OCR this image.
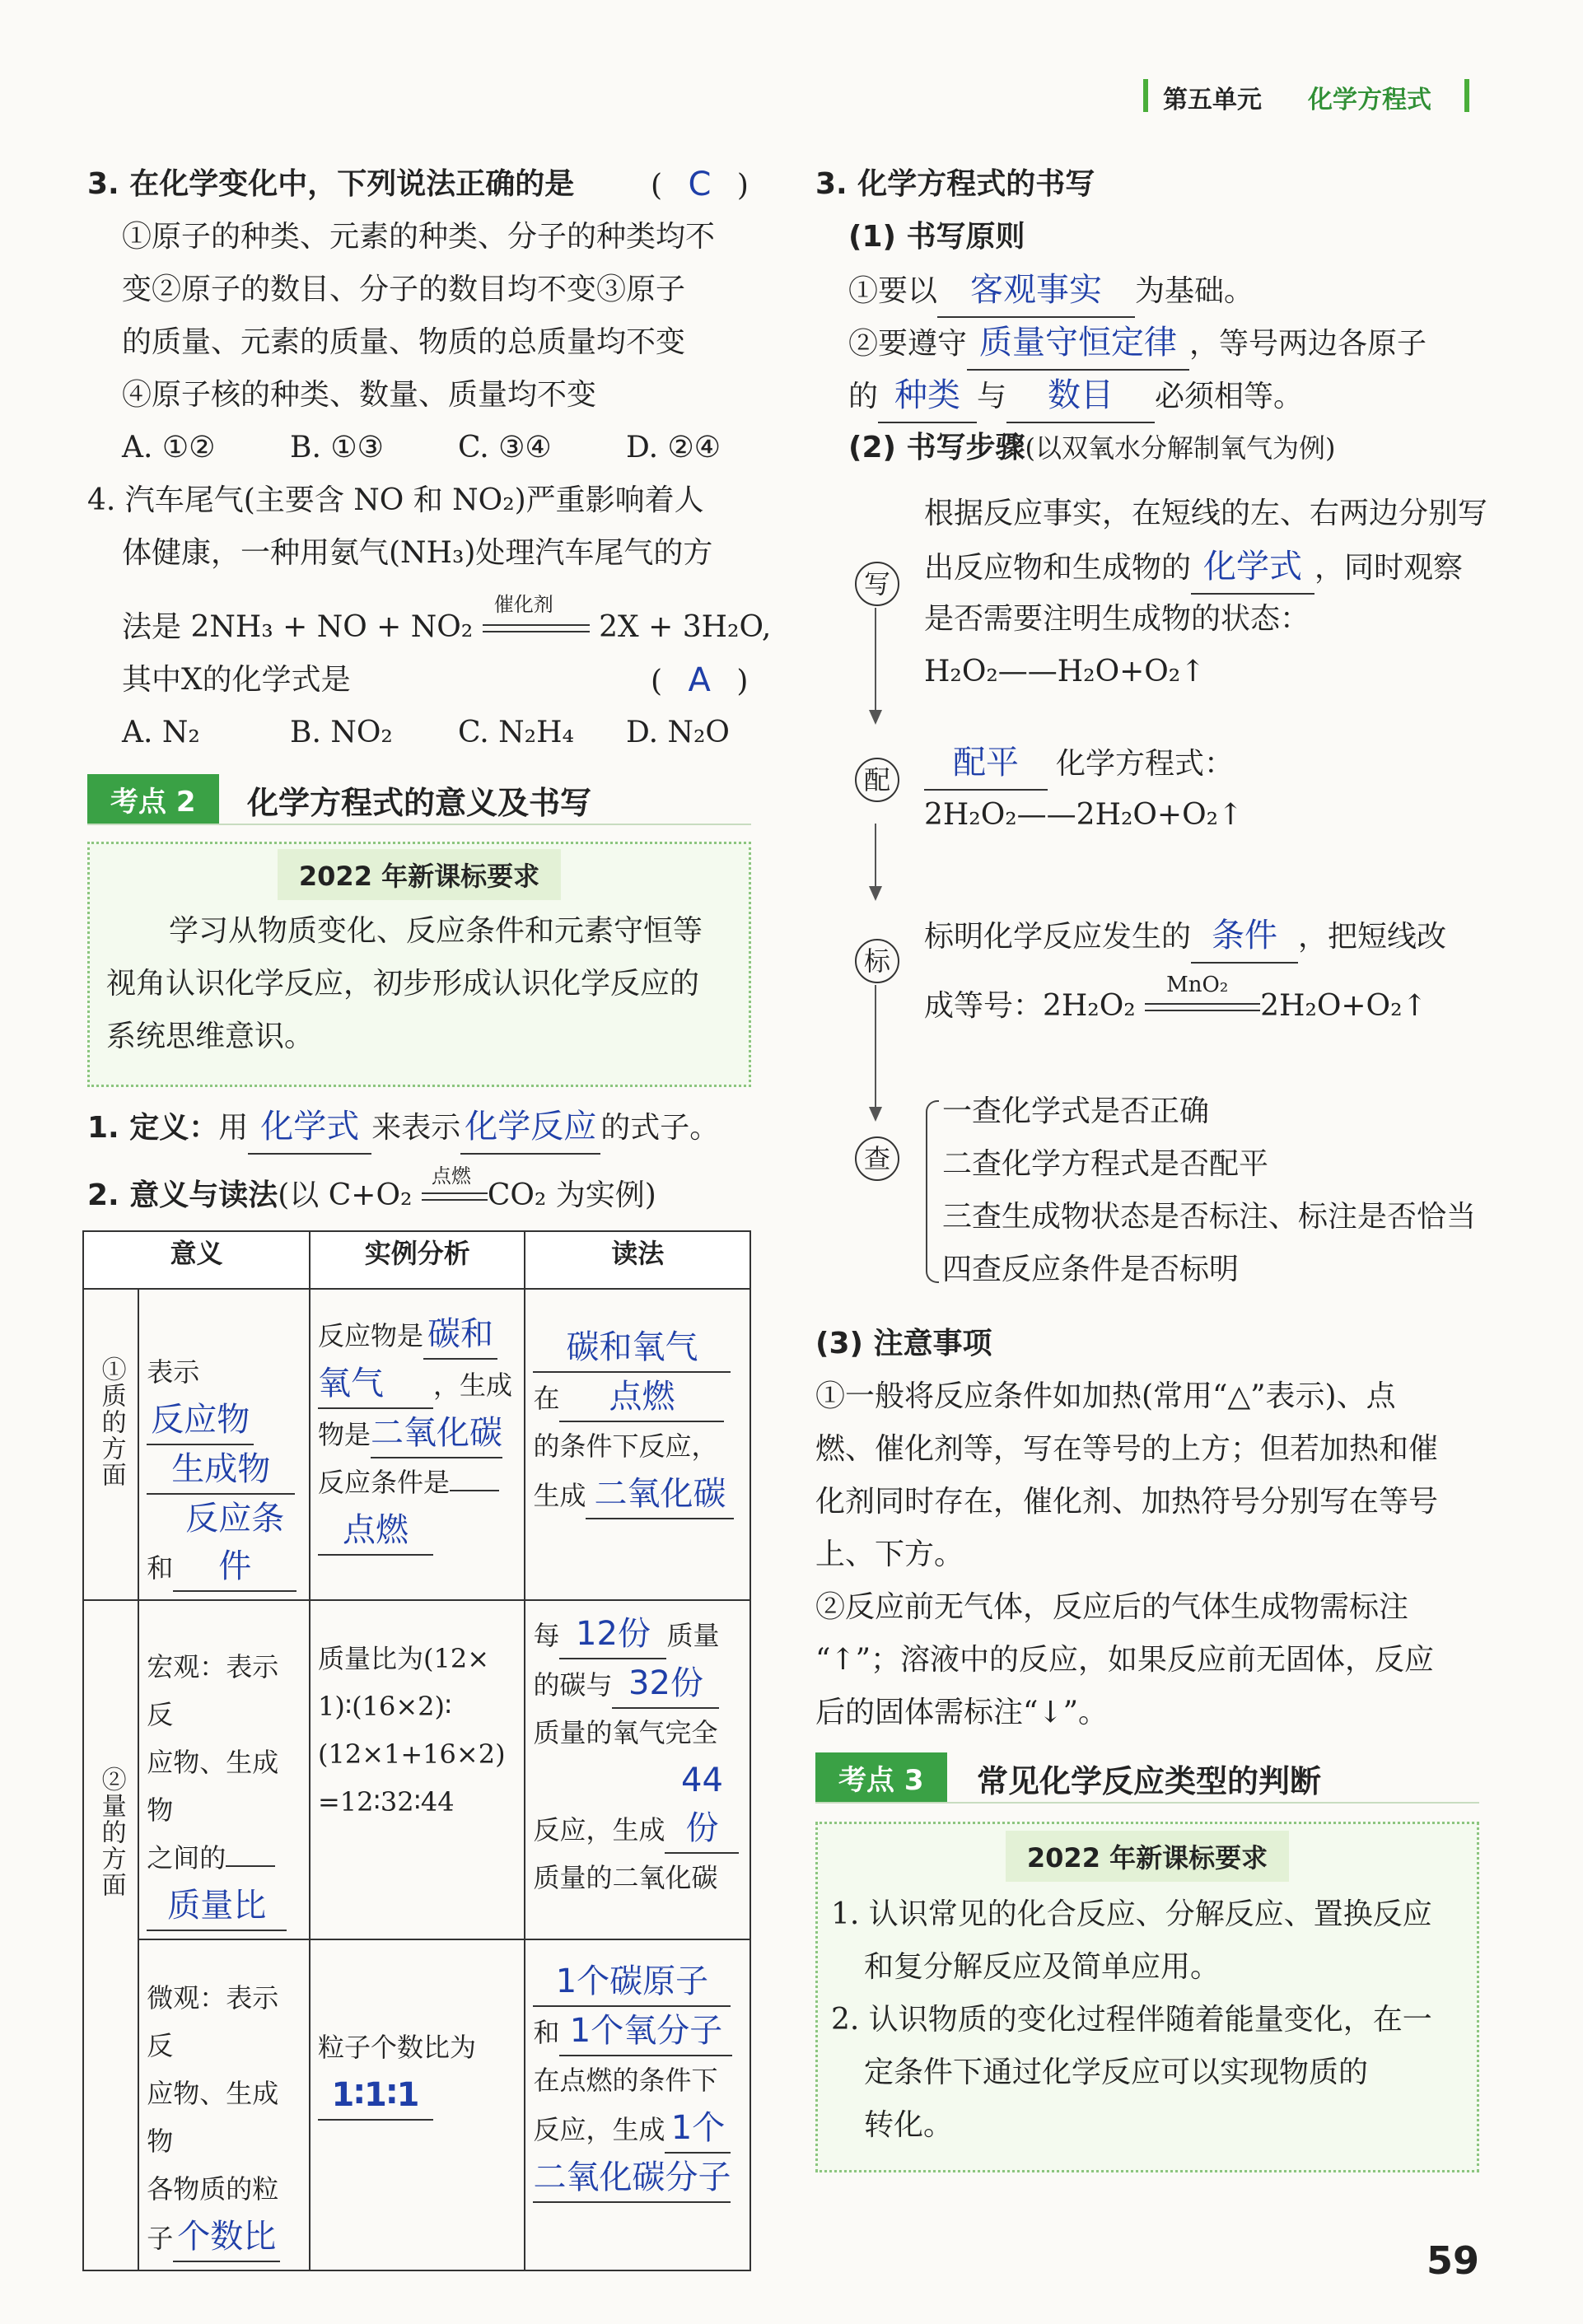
第五单元 化学方程式
3. 在化学变化中，下列说法正确的是	( C )
①原子的种类、元素的种类、分子的种类均不
变②原子的数目、分子的数目均不变③原子
的质量、元素的质量、物质的总质量均不变
④原子核的种类、数量、质量均不变
A. ①②	B. ①③	C. ③④	D. ②④
4. 汽车尾气(主要含 NO 和 NO₂)严重影响着人
体健康，一种用氨气(NH₃)处理汽车尾气的方
法是 2NH₃ + NO + NO₂
催化剂
2X + 3H₂O,
其中X的化学式是	( A )
A. N₂	B. NO₂ C. N₂H₄ D. N₂O
考点 2	化学方程式的意义及书写
2022 年新课标要求
学习从物质变化、反应条件和元素守恒等
视角认识化学反应，初步形成认识化学反应的
系统思维意识。
1. 定义：用 化学式 来表示 化学反应 的式子。
2. 意义与读法(以 C+O₂
点燃
CO₂ 为实例)
意义		实例分析	读法

①质的方面	表示反应物
生成物
和反应条件	反应物是 碳和
氧气 ，生成
物是二氧化碳
反应条件是
点燃	碳和氧气
在 点燃
的条件下反应，
生成 二氧化碳

②量的方面	宏观：表示反
应物、生成物
之间的
质量比	质量比为(12×
1)∶(16×2)∶
(12×1+16×2)
=12∶32∶44	每 12份 质量
的碳与 32份
质量的氧气完全
反应，生成44份
质量的二氧化碳

	微观：表示反
应物、生成物
各物质的粒
子 个数比	粒子个数比为
1∶1∶1	1个碳原子
和 1个氧分子
在点燃的条件下
反应，生成 1个
二氧化碳分子
3. 化学方程式的书写
(1) 书写原则
①要以 客观事实 为基础。
②要遵守 质量守恒定律 ，等号两边各原子
的 种类 与 数目 必须相等。
(2) 书写步骤(以双氧水分解制氧气为例)
写
配
标
查
根据反应事实，在短线的左、右两边分别写
出反应物和生成物的 化学式 ，同时观察
是否需要注明生成物的状态：
H₂O₂——H₂O+O₂↑
配平 化学方程式：
2H₂O₂——2H₂O+O₂↑
标明化学反应发生的 条件 ，把短线改
成等号：2H₂O₂
MnO₂
2H₂O+O₂↑
一查化学式是否正确
二查化学方程式是否配平
三查生成物状态是否标注、标注是否恰当
四查反应条件是否标明
(3) 注意事项
①一般将反应条件如加热(常用“△”表示)、点
燃、催化剂等，写在等号的上方；但若加热和催
化剂同时存在，催化剂、加热符号分别写在等号
上、下方。
②反应前无气体，反应后的气体生成物需标注
“↑”；溶液中的反应，如果反应前无固体，反应
后的固体需标注“↓”。
考点 3	常见化学反应类型的判断
2022 年新课标要求
1. 认识常见的化合反应、分解反应、置换反应
和复分解反应及简单应用。
2. 认识物质的变化过程伴随着能量变化，在一
定条件下通过化学反应可以实现物质的
转化。
59
